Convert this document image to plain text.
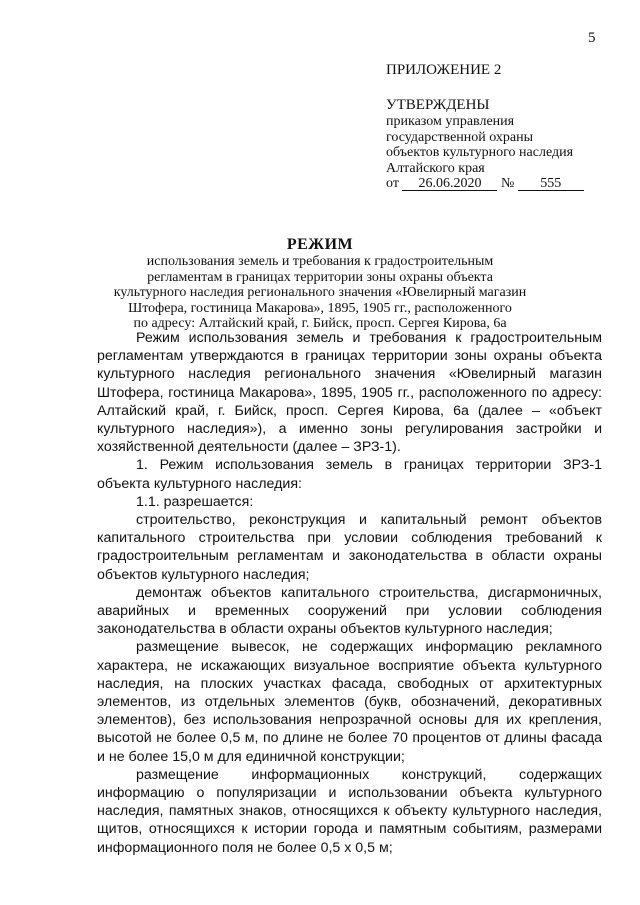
5
ПРИЛОЖЕНИЕ 2
УТВЕРЖДЕНЫ
приказом управления
государственной охраны
объектов культурного наследия
Алтайского края
от 26.06.2020 № 555
РЕЖИМ
использования земель и требования к градостроительным
регламентам в границах территории зоны охраны объекта
культурного наследия регионального значения «Ювелирный магазин
Штофера, гостиница Макарова», 1895, 1905 гг., расположенного
по адресу: Алтайский край, г. Бийск, просп. Сергея Кирова, 6а

Режим использования земель и требования к градостроительным регламентам утверждаются в границах территории зоны охраны объекта культурного наследия регионального значения «Ювелирный магазин Штофера, гостиница Макарова», 1895, 1905 гг., расположенного по адресу: Алтайский край, г. Бийск, просп. Сергея Кирова, 6а (далее – «объект культурного наследия»), а именно зоны регулирования застройки и хозяйственной деятельности (далее – ЗРЗ-1).

1. Режим использования земель в границах территории ЗРЗ-1 объекта культурного наследия:

1.1. разрешается:

строительство, реконструкция и капитальный ремонт объектов капитального строительства при условии соблюдения требований к градостроительным регламентам и законодательства в области охраны объектов культурного наследия;

демонтаж объектов капитального строительства, дисгармоничных, аварийных и временных сооружений при условии соблюдения законодательства в области охраны объектов культурного наследия;

размещение вывесок, не содержащих информацию рекламного характера, не искажающих визуальное восприятие объекта культурного наследия, на плоских участках фасада, свободных от архитектурных элементов, из отдельных элементов (букв, обозначений, декоративных элементов), без использования непрозрачной основы для их крепления, высотой не более 0,5 м, по длине не более 70 процентов от длины фасада и не более 15,0 м для единичной конструкции;

размещение информационных конструкций, содержащих информацию о популяризации и использовании объекта культурного наследия, памятных знаков, относящихся к объекту культурного наследия, щитов, относящихся к истории города и памятным событиям, размерами информационного поля не более 0,5 х 0,5 м;
